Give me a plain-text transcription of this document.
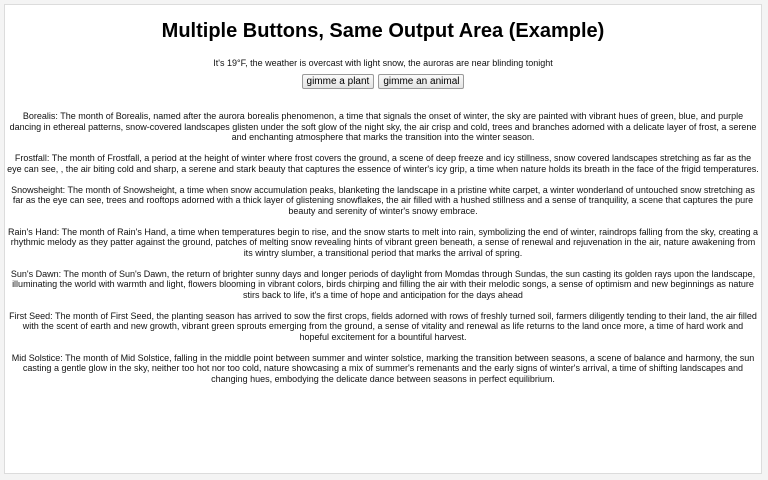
Multiple Buttons, Same Output Area (Example)

It's 19°F, the weather is overcast with light snow, the auroras are near blinding tonight

gimme a plant gimme an animal

Borealis: The month of Borealis, named after the aurora borealis phenomenon, a time that signals the onset of winter, the sky are painted with vibrant hues of green, blue, and purple dancing in ethereal patterns, snow-covered landscapes glisten under the soft glow of the night sky, the air crisp and cold, trees and branches adorned with a delicate layer of frost, a serene and enchanting atmosphere that marks the transition into the winter season.

Frostfall: The month of Frostfall, a period at the height of winter where frost covers the ground, a scene of deep freeze and icy stillness, snow covered landscapes stretching as far as the eye can see, , the air biting cold and sharp, a serene and stark beauty that captures the essence of winter's icy grip, a time when nature holds its breath in the face of the frigid temperatures.

Snowsheight: The month of Snowsheight, a time when snow accumulation peaks, blanketing the landscape in a pristine white carpet, a winter wonderland of untouched snow stretching as far as the eye can see, trees and rooftops adorned with a thick layer of glistening snowflakes, the air filled with a hushed stillness and a sense of tranquility, a scene that captures the pure beauty and serenity of winter's snowy embrace.

Rain's Hand: The month of Rain's Hand, a time when temperatures begin to rise, and the snow starts to melt into rain, symbolizing the end of winter, raindrops falling from the sky, creating a rhythmic melody as they patter against the ground, patches of melting snow revealing hints of vibrant green beneath, a sense of renewal and rejuvenation in the air, nature awakening from its wintry slumber, a transitional period that marks the arrival of spring.

Sun's Dawn: The month of Sun's Dawn, the return of brighter sunny days and longer periods of daylight from Momdas through Sundas, the sun casting its golden rays upon the landscape, illuminating the world with warmth and light, flowers blooming in vibrant colors, birds chirping and filling the air with their melodic songs, a sense of optimism and new beginnings as nature stirs back to life, it's a time of hope and anticipation for the days ahead

First Seed: The month of First Seed, the planting season has arrived to sow the first crops, fields adorned with rows of freshly turned soil, farmers diligently tending to their land, the air filled with the scent of earth and new growth, vibrant green sprouts emerging from the ground, a sense of vitality and renewal as life returns to the land once more, a time of hard work and hopeful excitement for a bountiful harvest.

Mid Solstice: The month of Mid Solstice, falling in the middle point between summer and winter solstice, marking the transition between seasons, a scene of balance and harmony, the sun casting a gentle glow in the sky, neither too hot nor too cold, nature showcasing a mix of summer's remenants and the early signs of winter's arrival, a time of shifting landscapes and changing hues, embodying the delicate dance between seasons in perfect equilibrium.
